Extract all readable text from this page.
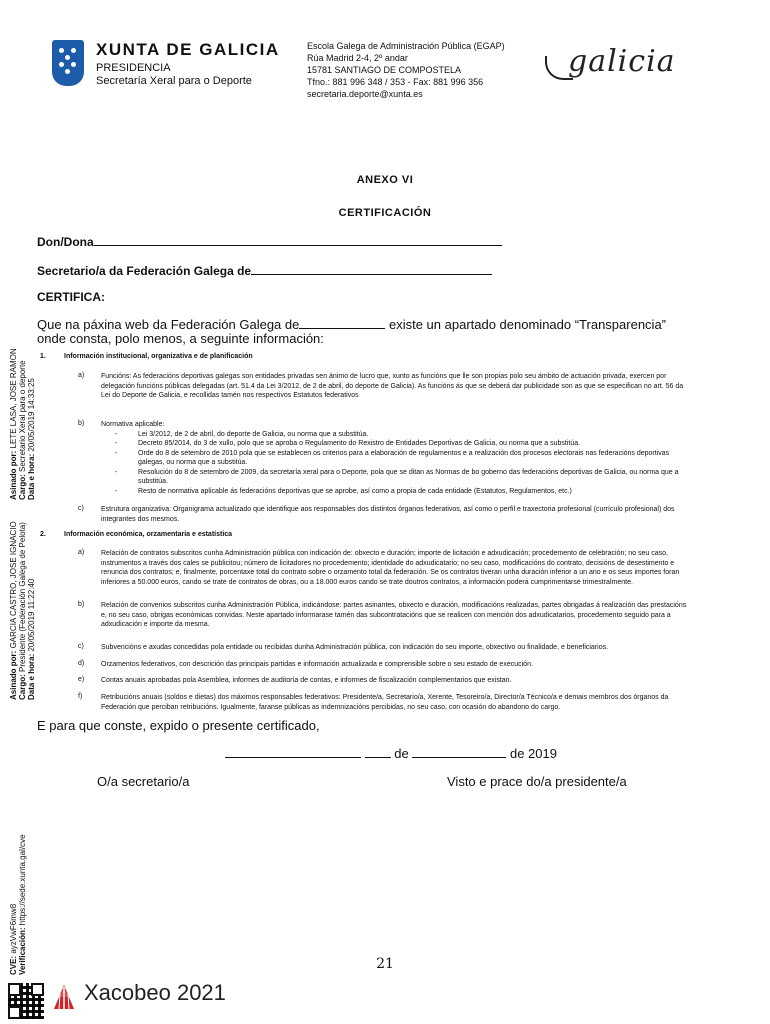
XUNTA DE GALICIA
PRESIDENCIA
Secretaría Xeral para o Deporte
Escola Galega de Administración Pública (EGAP)
Rúa Madrid 2-4, 2º andar
15781 SANTIAGO DE COMPOSTELA
Tfno.: 881 996 348 / 353 - Fax: 881 996 356
secretaria.deporte@xunta.es
galicia
ANEXO VI
CERTIFICACIÓN
Don/Dona
Secretario/a da Federación Galega de
CERTIFICA:
Que na páxina web da Federación Galega de	existe un apartado denominado “Transparencia”
onde consta, polo menos, a seguinte información:
1.	Información institucional, organizativa e de planificación
a) Funcións: As federacións deportivas galegas son entidades privadas sen ánimo de lucro que, xunto as funcións que lle son propias polo seu ámbito de actuación privada, exercen por delegación funcións públicas delegadas (art. 51.4 da Lei 3/2012, de 2 de abril, do deporte de Galicia). As funcións ás que se deberá dar publicidade son as que se especifican no art. 56 da Lei do Deporte de Galicia, e recollidas tamén nos respectivos Estatutos federativos
b) Normativa aplicable:
- Lei 3/2012, de 2 de abril, do deporte de Galicia, ou norma que a substitúa.
- Decreto 85/2014, do 3 de xullo, polo que se aproba o Regulamento do Rexistro de Entidades Deportivas de Galicia, ou norma que a substitúa.
- Orde do 8 de setembro de 2010 pola que se establecen os criterios para a elaboración de regulamentos e a realización dos procesos electorais nas federacións deportivas galegas, ou norma que a substitúa.
- Resolución do 8 de setembro de 2009, da secretaría xeral para o Deporte, pola que se ditan as Normas de bo goberno das federacións deportivas de Galicia, ou norma que a substitúa.
- Resto de normativa aplicable ás federacións deportivas que se aprobe, así como a propia de cada entidade (Estatutos, Regulamentos, etc.)
c) Estrutura organizativa: Organigrama actualizado que identifique aos responsables dos distintos órganos federativos, así como o perfil e traxectoria profesional (currículo profesional) dos integrantes dos mesmos.
2.	Información económica, orzamentaria e estatística
a) Relación de contratos subscritos cunha Administración pública con indicación de: obxecto e duración; importe de licitación e adxudicación; procedemento de celebración; no seu caso, instrumentos a través dos cales se publicitou; número de licitadores no procedemento; identidade do adxudicatario; no seu caso, modificacións do contrato, decisións de desestimento e renuncia dos contratos; e, finalmente, porcentaxe total do contrato sobre o orzamento total da federación. Se os contratos tiveran unha duración inferior a un ano e os seus importes foran inferiores a 50.000 euros, cando se trate de contratos de obras, ou a 18.000 euros cando se trate doutros contratos, a información poderá cumprimentarse trimestralmente.
b) Relación de convenios subscritos cunha Administración Pública, indicándose: partes asinantes, obxecto e duración, modificacións realizadas, partes obrigadas á realización das prestacións e, no seu caso, obrigas económicas convidas. Neste apartado informarase tamén das subcontratacións que se realicen con mención dos adxudicatarios, procedemento seguido para a adxudicación e importe da mesma.
c) Subvencións e axudas concedidas pola entidade ou recibidas dunha Administración pública, con indicación do seu importe, obxectivo ou finalidade, e beneficiarios.
d) Orzamentos federativos, con descrición das principais partidas e información actualizada e comprensible sobre o seu estado de execución.
e) Contas anuais aprobadas pola Asemblea, informes de auditoría de contas, e informes de fiscalización complementarios que existan.
f)	Retribucións anuais (soldos e dietas) dos máximos responsables federativos: Presidente/a, Secretario/a, Xerente, Tesoreiro/a, Director/a Técnico/a e demais membros dos órganos da Federación que perciban retribucións. Igualmente, faranse públicas as indemnizacións percibidas, no seu caso, con ocasión do abandono do cargo.
E para que conste, expido o presente certificado,
de	de 2019
O/a secretario/a	Visto e prace do/a presidente/a
Asinado por: LETE LASA, JOSE RAMON
Cargo: Secretario Xeral para o deporte
Data e hora: 20/05/2019 14:33:25
Asinado por: GARCIA CASTRO, JOSE IGNACIO
Cargo: Presidente (Federación Galega de Pelota)
Data e hora: 20/05/2019 11:22:40
CVE: ayzVwF6mw8 Verificación: https://sede.xunta.gal/cve
21
Xacobeo 2021
